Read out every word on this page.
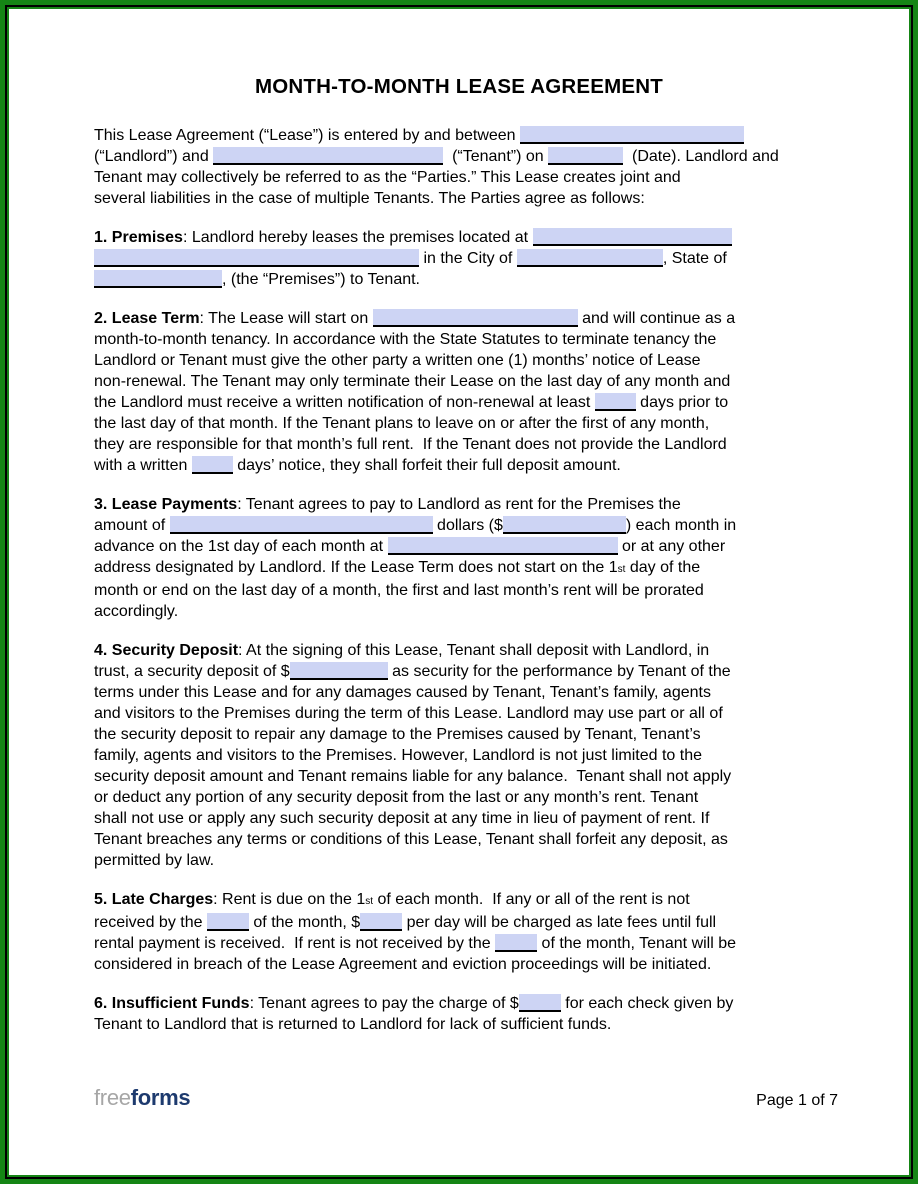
MONTH-TO-MONTH LEASE AGREEMENT

This Lease Agreement (“Lease”) is entered by and between
(“Landlord”) and	(“Tenant”) on	(Date). Landlord and
Tenant may collectively be referred to as the “Parties.” This Lease creates joint and
several liabilities in the case of multiple Tenants. The Parties agree as follows:

1. Premises: Landlord hereby leases the premises located at
in the City of	, State of
, (the “Premises”) to Tenant.

2. Lease Term: The Lease will start on	and will continue as a
month-to-month tenancy. In accordance with the State Statutes to terminate tenancy the
Landlord or Tenant must give the other party a written one (1) months’ notice of Lease
non-renewal. The Tenant may only terminate their Lease on the last day of any month and
the Landlord must receive a written notification of non-renewal at least	days prior to
the last day of that month. If the Tenant plans to leave on or after the first of any month,
they are responsible for that month’s full rent.  If the Tenant does not provide the Landlord
with a written	days’ notice, they shall forfeit their full deposit amount.

3. Lease Payments: Tenant agrees to pay to Landlord as rent for the Premises the
amount of	dollars ($	) each month in
advance on the 1st day of each month at	or at any other
address designated by Landlord. If the Lease Term does not start on the 1st day of the
month or end on the last day of a month, the first and last month’s rent will be prorated
accordingly.

4. Security Deposit: At the signing of this Lease, Tenant shall deposit with Landlord, in
trust, a security deposit of $	as security for the performance by Tenant of the
terms under this Lease and for any damages caused by Tenant, Tenant’s family, agents
and visitors to the Premises during the term of this Lease. Landlord may use part or all of
the security deposit to repair any damage to the Premises caused by Tenant, Tenant’s
family, agents and visitors to the Premises. However, Landlord is not just limited to the
security deposit amount and Tenant remains liable for any balance.  Tenant shall not apply
or deduct any portion of any security deposit from the last or any month’s rent. Tenant
shall not use or apply any such security deposit at any time in lieu of payment of rent. If
Tenant breaches any terms or conditions of this Lease, Tenant shall forfeit any deposit, as
permitted by law.

5. Late Charges: Rent is due on the 1st of each month.  If any or all of the rent is not
received by the	of the month, $	per day will be charged as late fees until full
rental payment is received.  If rent is not received by the	of the month, Tenant will be
considered in breach of the Lease Agreement and eviction proceedings will be initiated.

6. Insufficient Funds: Tenant agrees to pay the charge of $	for each check given by
Tenant to Landlord that is returned to Landlord for lack of sufficient funds.

freeforms	Page 1 of 7
